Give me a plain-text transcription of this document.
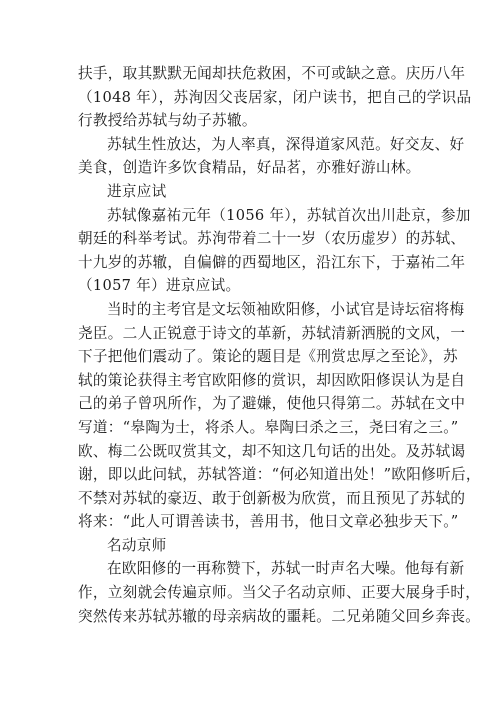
扶手，取其默默无闻却扶危救困，不可或缺之意。庆历八年
（1048 年），苏洵因父丧居家，闭户读书，把自己的学识品
行教授给苏轼与幼子苏辙。
苏轼生性放达，为人率真，深得道家风范。好交友、好
美食，创造许多饮食精品，好品茗，亦雅好游山林。
进京应试
苏轼像嘉祐元年（1056 年），苏轼首次出川赴京，参加
朝廷的科举考试。苏洵带着二十一岁（农历虚岁）的苏轼、
十九岁的苏辙，自偏僻的西蜀地区，沿江东下，于嘉祐二年
（1057 年）进京应试。
当时的主考官是文坛领袖欧阳修，小试官是诗坛宿将梅
尧臣。二人正锐意于诗文的革新，苏轼清新洒脱的文风，一
下子把他们震动了。策论的题目是《刑赏忠厚之至论》，苏
轼的策论获得主考官欧阳修的赏识，却因欧阳修误认为是自
己的弟子曾巩所作，为了避嫌，使他只得第二。苏轼在文中
写道：“皋陶为士，将杀人。皋陶曰杀之三，尧曰宥之三。”
欧、梅二公既叹赏其文，却不知这几句话的出处。及苏轼谒
谢，即以此问轼，苏轼答道：“何必知道出处！”欧阳修听后，
不禁对苏轼的豪迈、敢于创新极为欣赏，而且预见了苏轼的
将来：“此人可谓善读书，善用书，他日文章必独步天下。”
名动京师
在欧阳修的一再称赞下，苏轼一时声名大噪。他每有新
作，立刻就会传遍京师。当父子名动京师、正要大展身手时，
突然传来苏轼苏辙的母亲病故的噩耗。二兄弟随父回乡奔丧。
